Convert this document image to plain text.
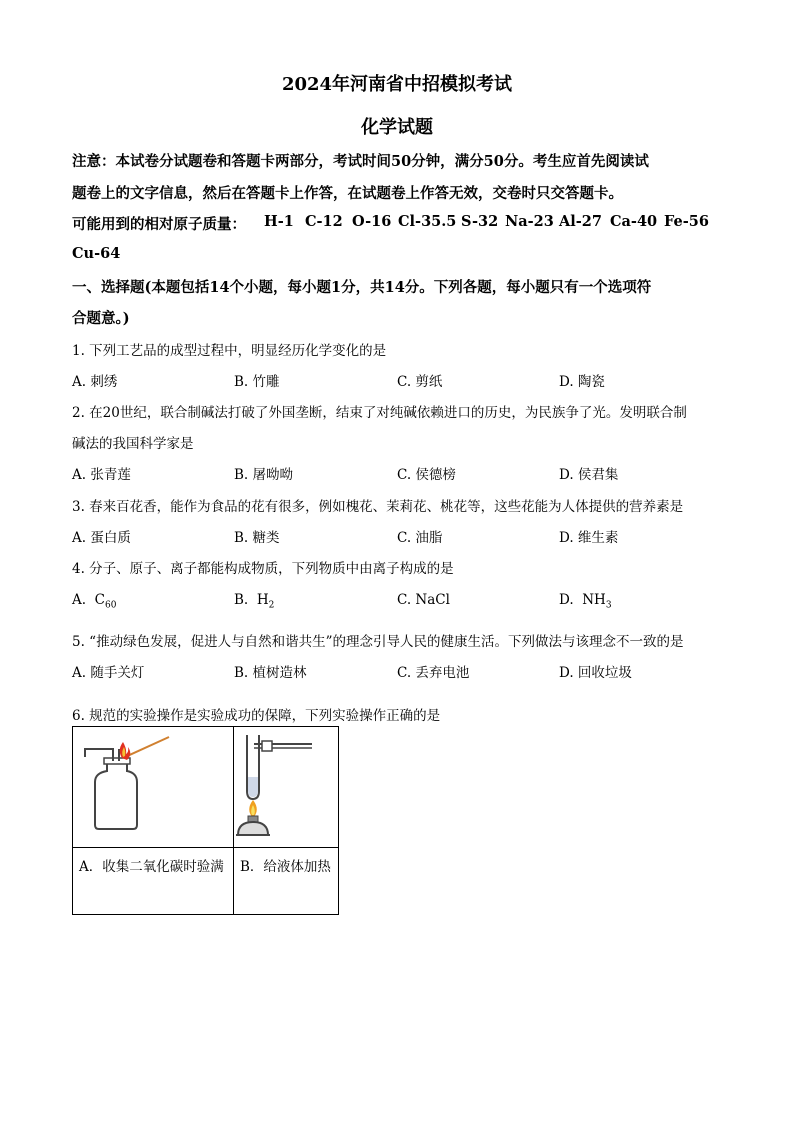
2024年河南省中招模拟考试
化学试题
注意：本试卷分试题卷和答题卡两部分，考试时间50分钟，满分50分。考生应首先阅读试
题卷上的文字信息，然后在答题卡上作答，在试题卷上作答无效，交卷时只交答题卡。
可能用到的相对原子质量： H-1 C-12 O-16 Cl-35.5 S-32 Na-23 Al-27 Ca-40 Fe-56
Cu-64
一、选择题(本题包括14个小题，每小题1分，共14分。下列各题，每小题只有一个选项符
合题意。)
1. 下列工艺品的成型过程中，明显经历化学变化的是
A. 刺绣	B. 竹雕	C. 剪纸	D. 陶瓷
2. 在20世纪，联合制碱法打破了外国垄断，结束了对纯碱依赖进口的历史，为民族争了光。发明联合制
碱法的我国科学家是
A. 张青莲	B. 屠呦呦	C. 侯德榜	D. 侯君集
3. 春来百花香，能作为食品的花有很多，例如槐花、茉莉花、桃花等，这些花能为人体提供的营养素是
A. 蛋白质	B. 糖类	C. 油脂	D. 维生素
4. 分子、原子、离子都能构成物质，下列物质中由离子构成的是
A. $C_{60}$	B. $H_2$	C. NaCl	D. $NH_3$
5. “推动绿色发展，促进人与自然和谐共生”的理念引导人民的健康生活。下列做法与该理念不一致的是
A. 随手关灯	B. 植树造林	C. 丢弃电池	D. 回收垃圾
6. 规范的实验操作是实验成功的保障，下列实验操作正确的是

A．收集二氧化碳时验满	B．给液体加热
